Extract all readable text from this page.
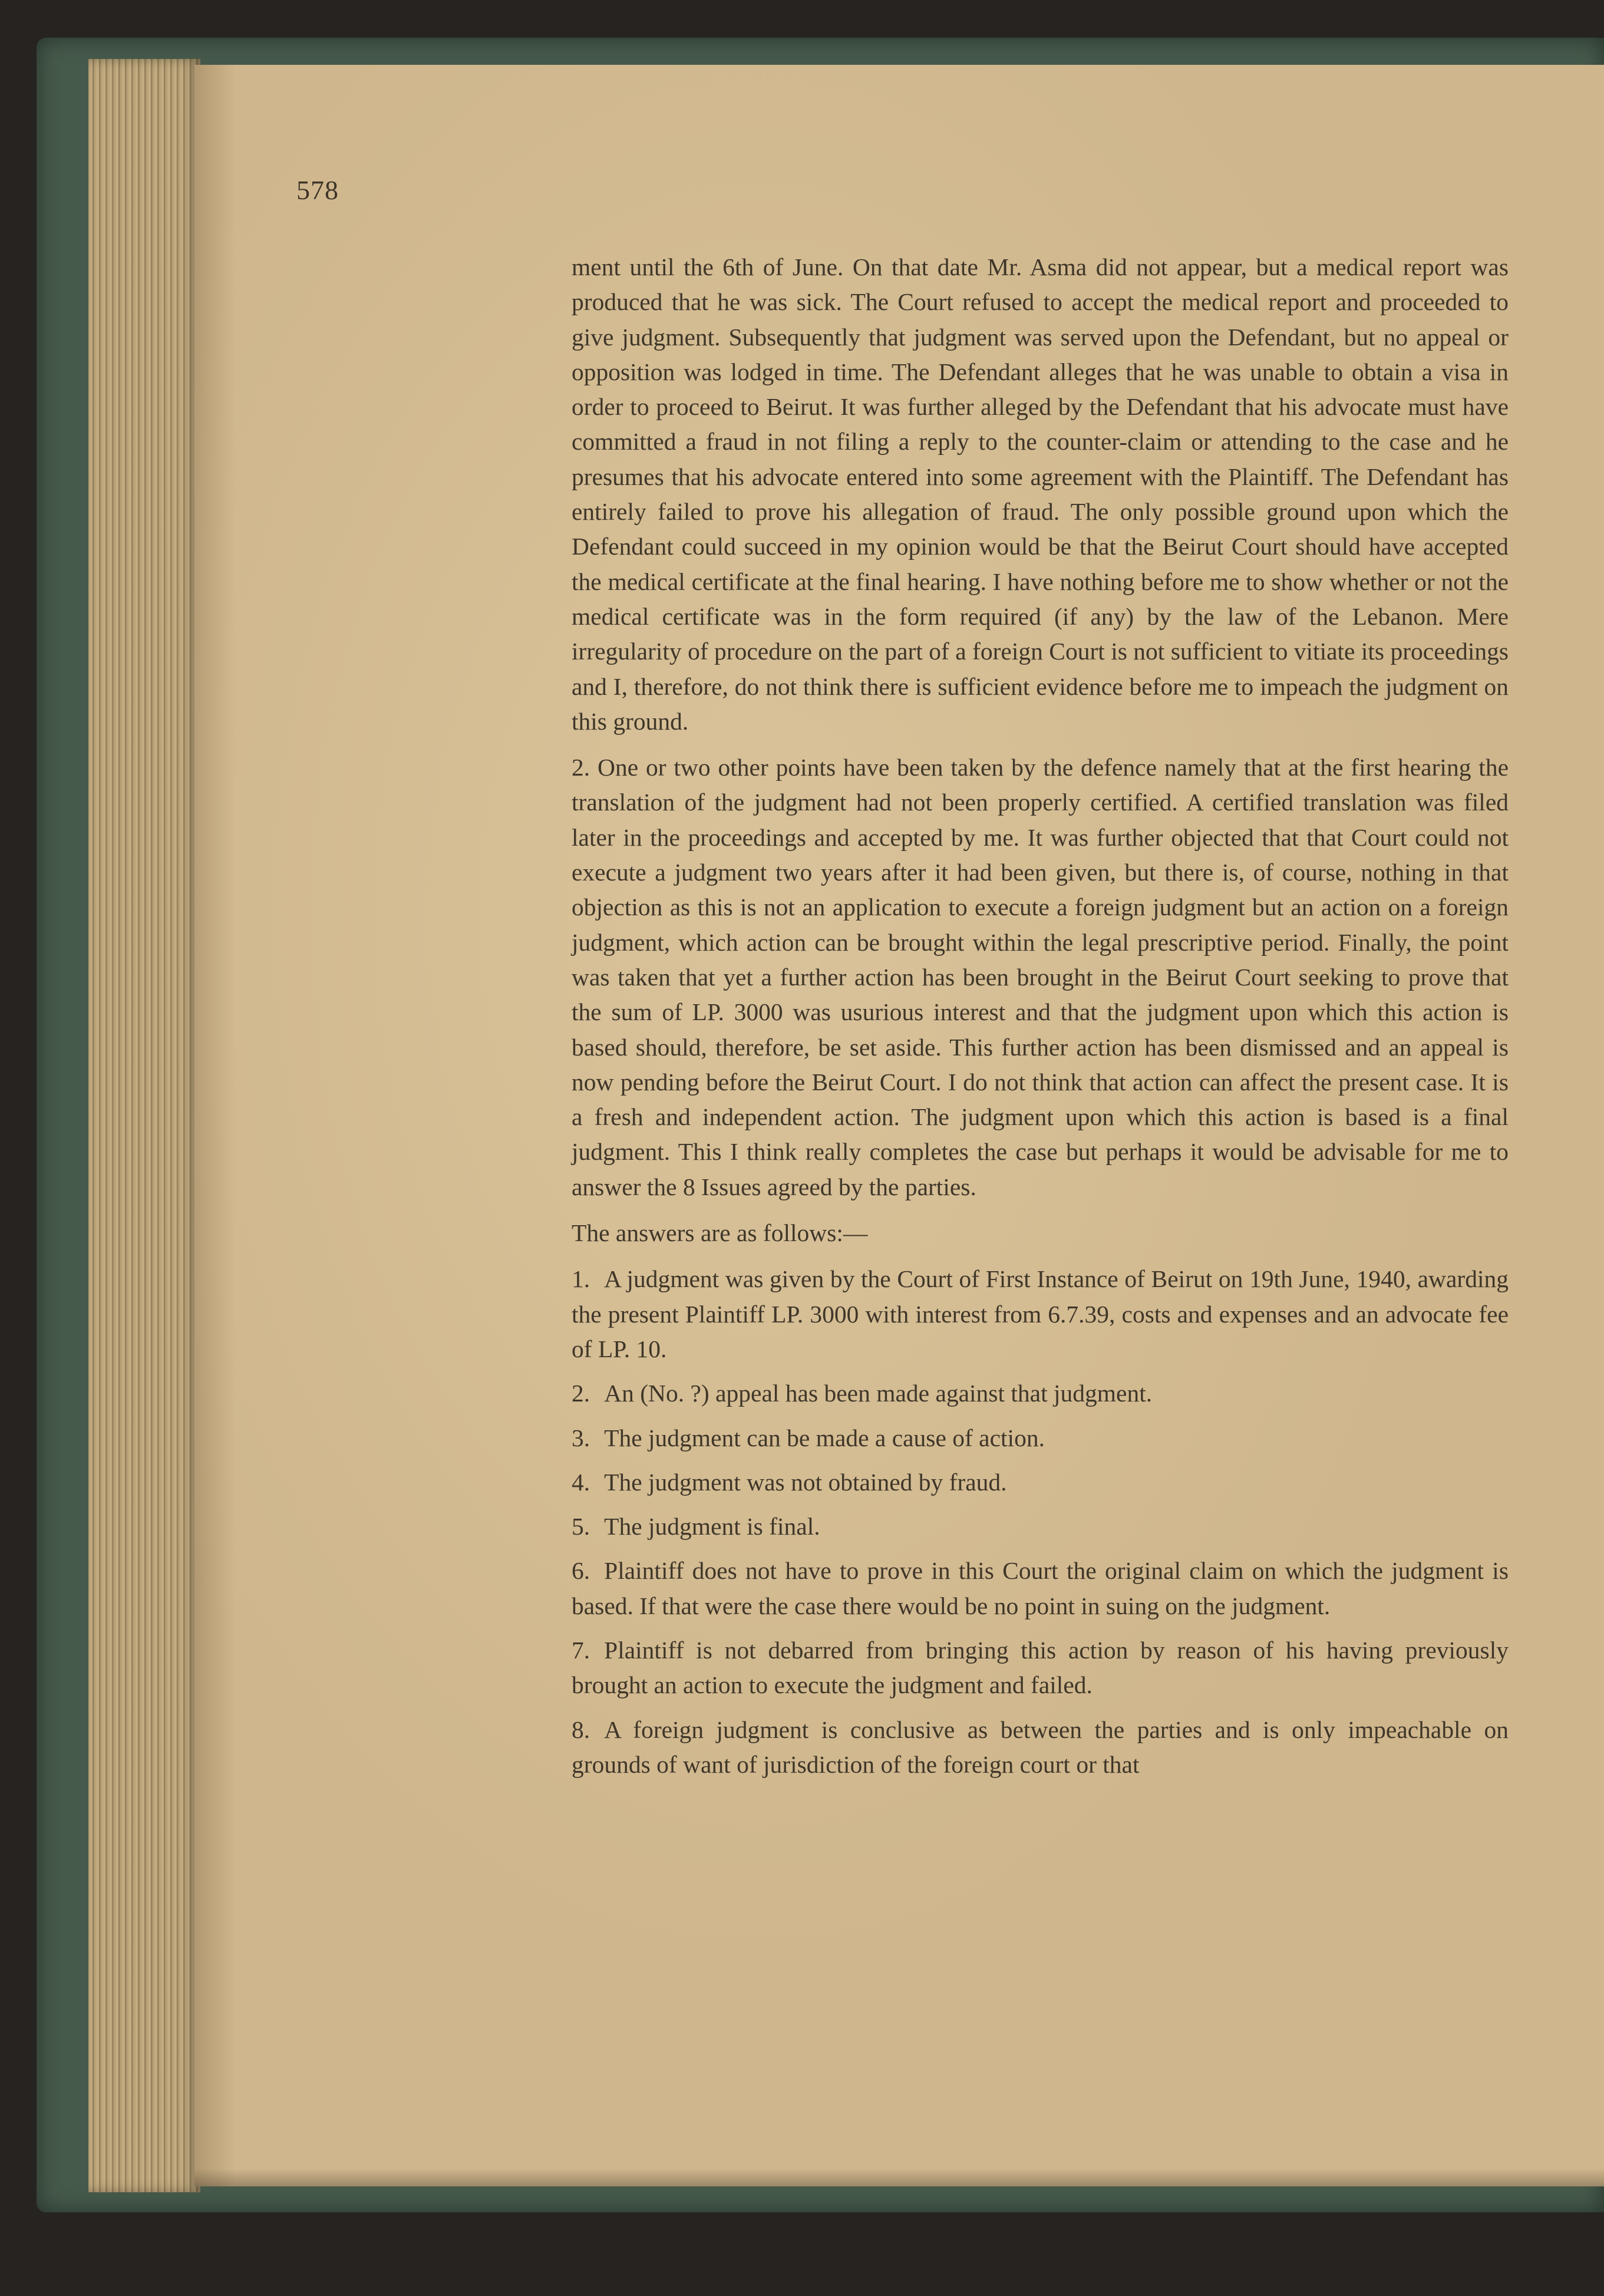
578

ment until the 6th of June. On that date Mr. Asma did not appear, but a medical report was produced that he was sick. The Court refused to accept the medical report and proceeded to give judgment. Subsequently that judgment was served upon the Defendant, but no appeal or opposition was lodged in time. The Defendant alleges that he was unable to obtain a visa in order to proceed to Beirut. It was further alleged by the Defendant that his advocate must have committed a fraud in not filing a reply to the counter-claim or attending to the case and he presumes that his advocate entered into some agreement with the Plaintiff. The Defendant has entirely failed to prove his allegation of fraud. The only possible ground upon which the Defendant could succeed in my opinion would be that the Beirut Court should have accepted the medical certificate at the final hearing. I have nothing before me to show whether or not the medical certificate was in the form required (if any) by the law of the Lebanon. Mere irregularity of procedure on the part of a foreign Court is not sufficient to vitiate its proceedings and I, therefore, do not think there is sufficient evidence before me to impeach the judgment on this ground.

2. One or two other points have been taken by the defence namely that at the first hearing the translation of the judgment had not been properly certified. A certified translation was filed later in the proceedings and accepted by me. It was further objected that that Court could not execute a judgment two years after it had been given, but there is, of course, nothing in that objection as this is not an application to execute a foreign judgment but an action on a foreign judgment, which action can be brought within the legal prescriptive period. Finally, the point was taken that yet a further action has been brought in the Beirut Court seeking to prove that the sum of LP. 3000 was usurious interest and that the judgment upon which this action is based should, therefore, be set aside. This further action has been dismissed and an appeal is now pending before the Beirut Court. I do not think that action can affect the present case. It is a fresh and independent action. The judgment upon which this action is based is a final judgment. This I think really completes the case but perhaps it would be advisable for me to answer the 8 Issues agreed by the parties.

The answers are as follows:—

1. A judgment was given by the Court of First Instance of Beirut on 19th June, 1940, awarding the present Plaintiff LP. 3000 with interest from 6.7.39, costs and expenses and an advocate fee of LP. 10.

2. An (No. ?) appeal has been made against that judgment.

3. The judgment can be made a cause of action.

4. The judgment was not obtained by fraud.

5. The judgment is final.

6. Plaintiff does not have to prove in this Court the original claim on which the judgment is based. If that were the case there would be no point in suing on the judgment.

7. Plaintiff is not debarred from bringing this action by reason of his having previously brought an action to execute the judgment and failed.

8. A foreign judgment is conclusive as between the parties and is only impeachable on grounds of want of jurisdiction of the foreign court or that
